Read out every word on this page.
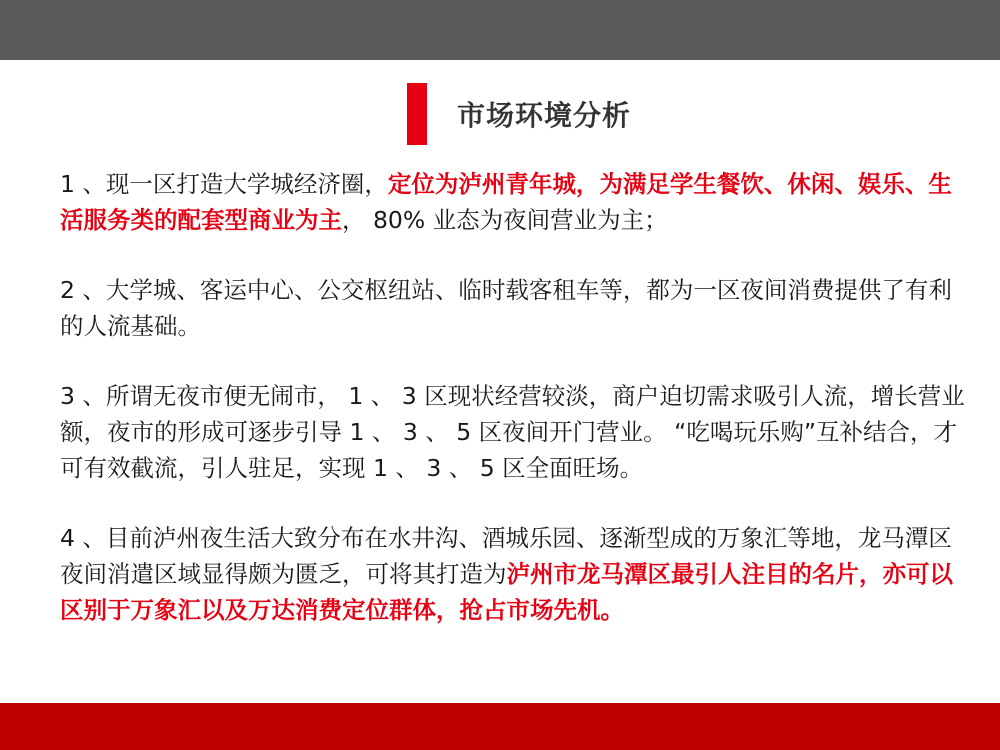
市场环境分析

1 、现一区打造大学城经济圈，定位为泸州青年城，为满足学生餐饮、休闲、娱乐、生活服务类的配套型商业为主， 80% 业态为夜间营业为主；

2 、大学城、客运中心、公交枢纽站、临时载客租车等，都为一区夜间消费提供了有利的人流基础。

3 、所谓无夜市便无闹市， 1 、 3 区现状经营较淡，商户迫切需求吸引人流，增长营业额，夜市的形成可逐步引导 1 、 3 、 5 区夜间开门营业。 “吃喝玩乐购”互补结合，才可有效截流，引人驻足，实现 1 、 3 、 5 区全面旺场。

4 、目前泸州夜生活大致分布在水井沟、酒城乐园、逐渐型成的万象汇等地，龙马潭区夜间消遣区域显得颇为匮乏，可将其打造为泸州市龙马潭区最引人注目的名片，亦可以区别于万象汇以及万达消费定位群体，抢占市场先机。
